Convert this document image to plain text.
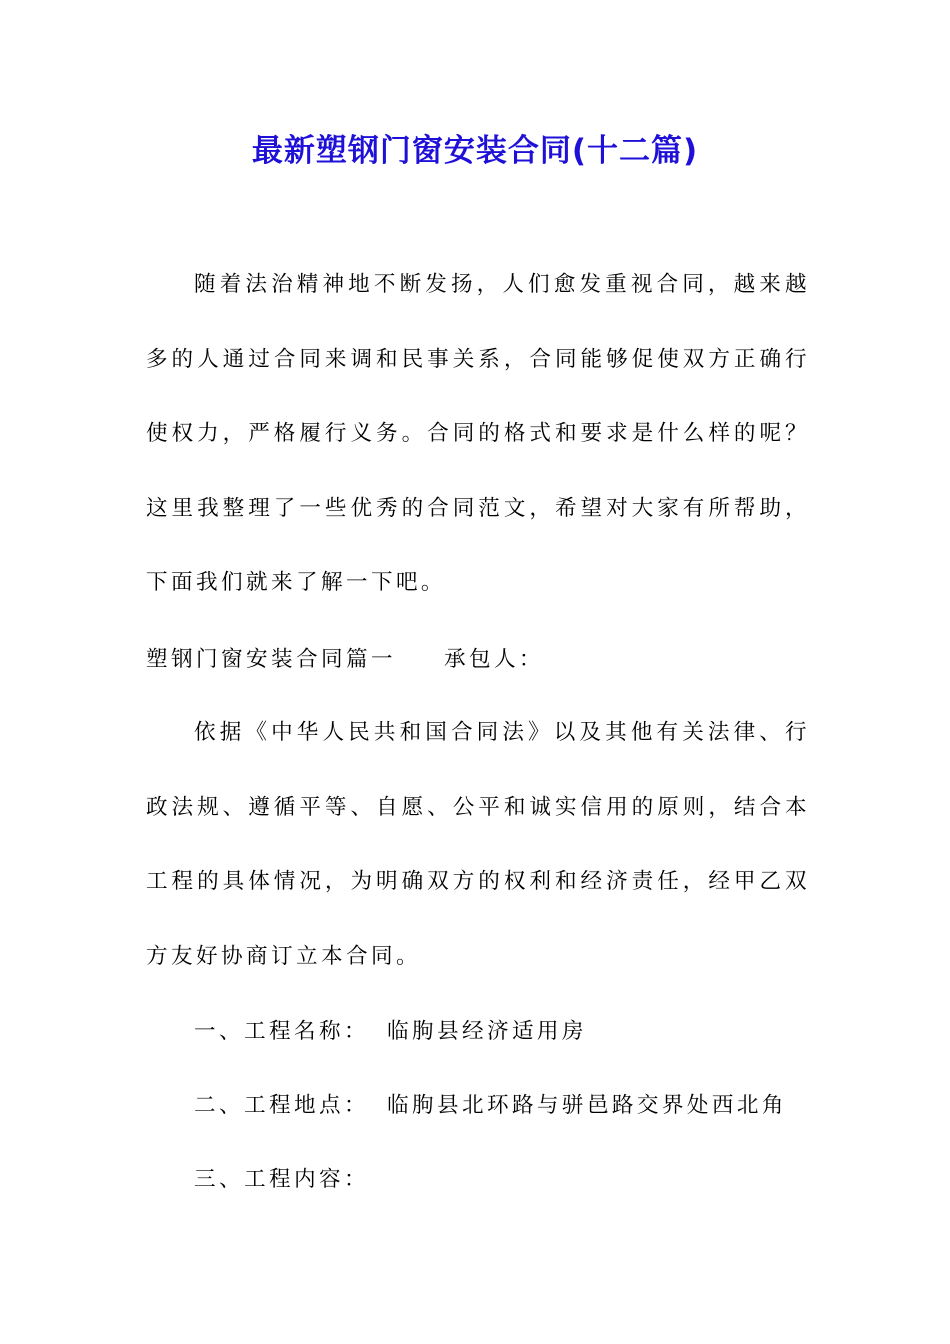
最新塑钢门窗安装合同(十二篇)

随着法治精神地不断发扬，人们愈发重视合同，越来越多的人通过合同来调和民事关系，合同能够促使双方正确行使权力，严格履行义务。合同的格式和要求是什么样的呢？这里我整理了一些优秀的合同范文，希望对大家有所帮助，下面我们就来了解一下吧。

塑钢门窗安装合同篇一 承包人：

依据《中华人民共和国合同法》以及其他有关法律、行政法规、遵循平等、自愿、公平和诚实信用的原则，结合本工程的具体情况，为明确双方的权利和经济责任，经甲乙双方友好协商订立本合同。

一、工程名称： 临朐县经济适用房
二、工程地点： 临朐县北环路与骈邑路交界处西北角
三、工程内容：
